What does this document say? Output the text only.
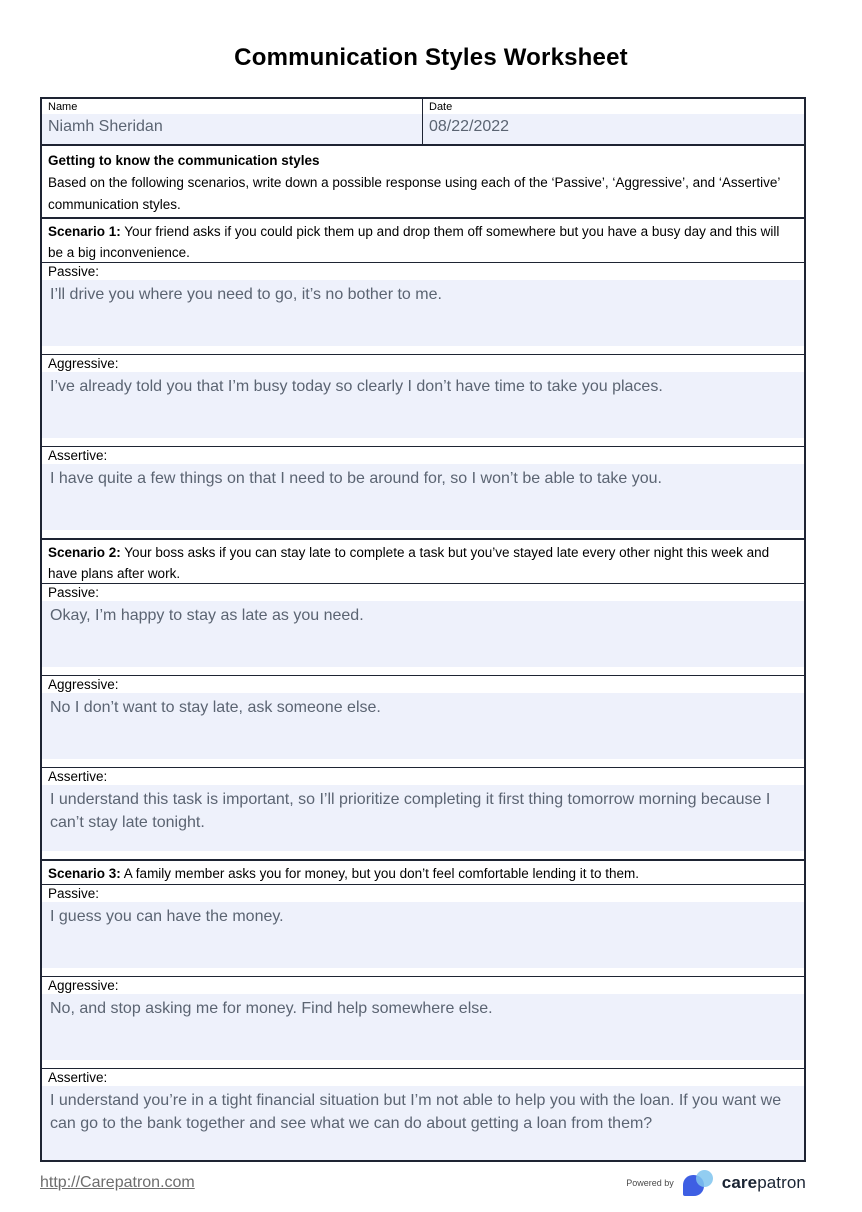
Communication Styles Worksheet
Name
Niamh Sheridan
Date
08/22/2022
Getting to know the communication styles
Based on the following scenarios, write down a possible response using each of the ‘Passive’, ‘Aggressive’, and ‘Assertive’ communication styles.
Scenario 1: Your friend asks if you could pick them up and drop them off somewhere but you have a busy day and this will be a big inconvenience.
Passive:
I’ll drive you where you need to go, it’s no bother to me.
Aggressive:
I’ve already told you that I’m busy today so clearly I don’t have time to take you places.
Assertive:
I have quite a few things on that I need to be around for, so I won’t be able to take you.
Scenario 2: Your boss asks if you can stay late to complete a task but you’ve stayed late every other night this week and have plans after work.
Passive:
Okay, I’m happy to stay as late as you need.
Aggressive:
No I don’t want to stay late, ask someone else.
Assertive:
I understand this task is important, so I’ll prioritize completing it first thing tomorrow morning because I can’t stay late tonight.
Scenario 3: A family member asks you for money, but you don’t feel comfortable lending it to them.
Passive:
I guess you can have the money.
Aggressive:
No, and stop asking me for money. Find help somewhere else.
Assertive:
I understand you’re in a tight financial situation but I’m not able to help you with the loan. If you want we can go to the bank together and see what we can do about getting a loan from them?
http://Carepatron.com	Powered by	carepatron
